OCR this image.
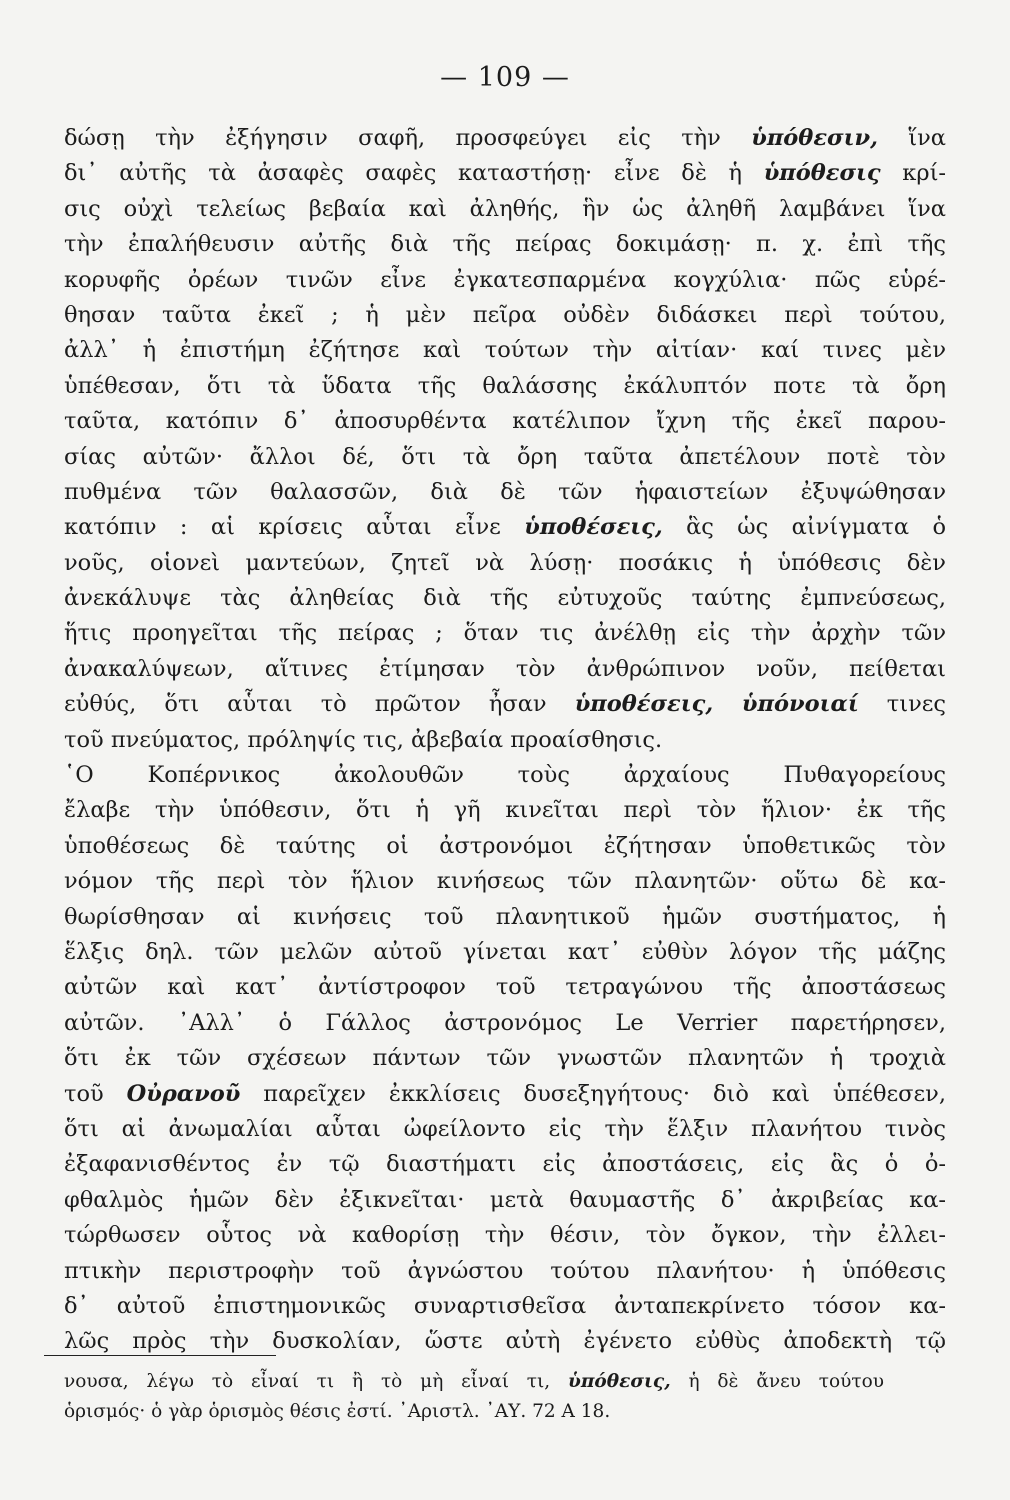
— 109 —
δώσῃ τὴν ἐξήγησιν σαφῆ, προσφεύγει εἰς τὴν ὑπόθεσιν, ἵνα
δι᾿ αὐτῆς τὰ ἀσαφὲς σαφὲς καταστήσῃ· εἶνε δὲ ἡ ὑπόθεσις κρί-
σις οὐχὶ τελείως βεβαία καὶ ἀληθής, ἣν ὡς ἀληθῆ λαμβάνει ἵνα
τὴν ἐπαλήθευσιν αὐτῆς διὰ τῆς πείρας δοκιμάσῃ· π. χ. ἐπὶ τῆς
κορυφῆς ὀρέων τινῶν εἶνε ἐγκατεσπαρμένα κογχύλια· πῶς εὑρέ-
θησαν ταῦτα ἐκεῖ ; ἡ μὲν πεῖρα οὐδὲν διδάσκει περὶ τούτου,
ἀλλ᾿ ἡ ἐπιστήμη ἐζήτησε καὶ τούτων τὴν αἰτίαν· καί τινες μὲν
ὑπέθεσαν, ὅτι τὰ ὕδατα τῆς θαλάσσης ἐκάλυπτόν ποτε τὰ ὄρη
ταῦτα, κατόπιν δ᾿ ἀποσυρθέντα κατέλιπον ἴχνη τῆς ἐκεῖ παρου-
σίας αὐτῶν· ἄλλοι δέ, ὅτι τὰ ὄρη ταῦτα ἀπετέλουν ποτὲ τὸν
πυθμένα τῶν θαλασσῶν, διὰ δὲ τῶν ἡφαιστείων ἐξυψώθησαν
κατόπιν : αἱ κρίσεις αὗται εἶνε ὑποθέσεις, ἃς ὡς αἰνίγματα ὁ
νοῦς, οἱονεὶ μαντεύων, ζητεῖ νὰ λύσῃ· ποσάκις ἡ ὑπόθεσις δὲν
ἀνεκάλυψε τὰς ἀληθείας διὰ τῆς εὐτυχοῦς ταύτης ἐμπνεύσεως,
ἥτις προηγεῖται τῆς πείρας ; ὅταν τις ἀνέλθῃ εἰς τὴν ἀρχὴν τῶν
ἀνακαλύψεων, αἵτινες ἐτίμησαν τὸν ἀνθρώπινον νοῦν, πείθεται
εὐθύς, ὅτι αὗται τὸ πρῶτον ἦσαν ὑποθέσεις, ὑπόνοιαί τινες
τοῦ πνεύματος, πρόληψίς τις, ἀβεβαία προαίσθησις.
῾Ο Κοπέρνικος ἀκολουθῶν τοὺς ἀρχαίους Πυθαγορείους
ἔλαβε τὴν ὑπόθεσιν, ὅτι ἡ γῆ κινεῖται περὶ τὸν ἥλιον· ἐκ τῆς
ὑποθέσεως δὲ ταύτης οἱ ἀστρονόμοι ἐζήτησαν ὑποθετικῶς τὸν
νόμον τῆς περὶ τὸν ἥλιον κινήσεως τῶν πλανητῶν· οὕτω δὲ κα-
θωρίσθησαν αἱ κινήσεις τοῦ πλανητικοῦ ἡμῶν συστήματος, ἡ
ἕλξις δηλ. τῶν μελῶν αὐτοῦ γίνεται κατ᾿ εὐθὺν λόγον τῆς μάζης
αὐτῶν καὶ κατ᾿ ἀντίστροφον τοῦ τετραγώνου τῆς ἀποστάσεως
αὐτῶν. ᾿Αλλ᾿ ὁ Γάλλος ἀστρονόμος Le Verrier παρετήρησεν,
ὅτι ἐκ τῶν σχέσεων πάντων τῶν γνωστῶν πλανητῶν ἡ τροχιὰ
τοῦ Οὐρανοῦ παρεῖχεν ἐκκλίσεις δυσεξηγήτους· διὸ καὶ ὑπέθεσεν,
ὅτι αἱ ἀνωμαλίαι αὗται ὠφείλοντο εἰς τὴν ἕλξιν πλανήτου τινὸς
ἐξαφανισθέντος ἐν τῷ διαστήματι εἰς ἀποστάσεις, εἰς ἃς ὁ ὀ-
φθαλμὸς ἡμῶν δὲν ἐξικνεῖται· μετὰ θαυμαστῆς δ᾿ ἀκριβείας κα-
τώρθωσεν οὗτος νὰ καθορίσῃ τὴν θέσιν, τὸν ὄγκον, τὴν ἐλλει-
πτικὴν περιστροφὴν τοῦ ἀγνώστου τούτου πλανήτου· ἡ ὑπόθεσις
δ᾿ αὐτοῦ ἐπιστημονικῶς συναρτισθεῖσα ἀνταπεκρίνετο τόσον κα-
λῶς πρὸς τὴν δυσκολίαν, ὥστε αὐτὴ ἐγένετο εὐθὺς ἀποδεκτὴ τῷ
νουσα, λέγω τὸ εἶναί τι ἢ τὸ μὴ εἶναί τι, ὑπόθεσις, ἡ δὲ ἄνευ τούτου
ὁρισμός· ὁ γὰρ ὁρισμὸς θέσις ἐστί. ᾿Αριστλ. ᾿ΑΥ. 72 Α 18.
